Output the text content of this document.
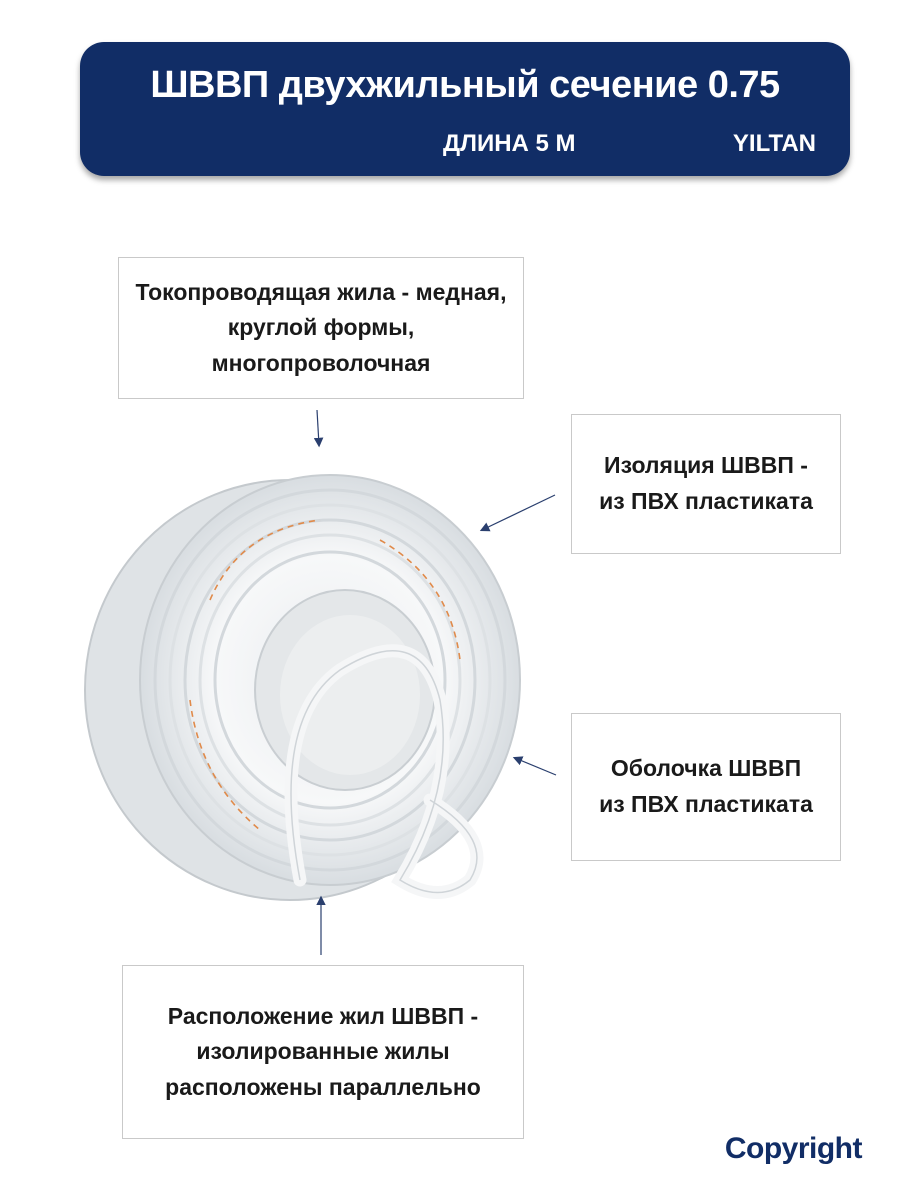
ШВВП двухжильный сечение 0.75
ДЛИНА 5 М	YILTAN
Токопроводящая жила - медная,
круглой формы,
многопроволочная
Изоляция ШВВП -
из ПВХ пластиката
Оболочка ШВВП
из ПВХ пластиката
Расположение жил ШВВП -
изолированные жилы
расположены параллельно
Copyright
